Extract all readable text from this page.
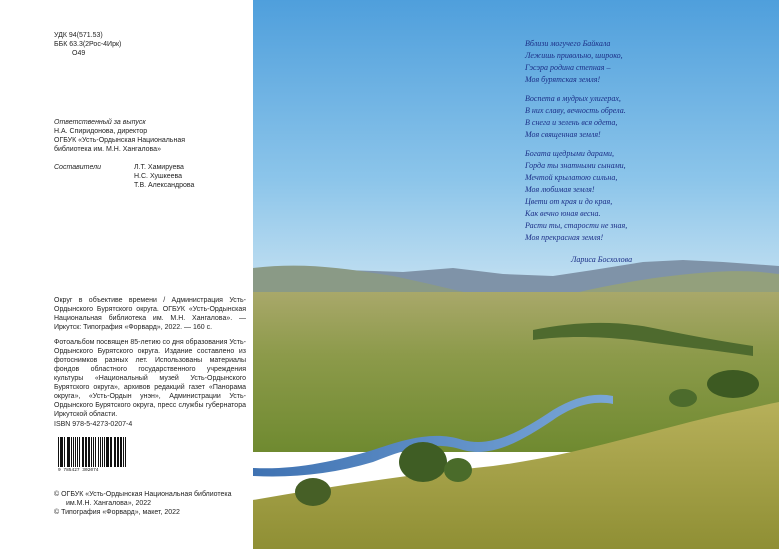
УДК 94(571.53)
ББК 63.3(2Рос-4Ирк)
О49
Ответственный за выпуск
Н.А. Спиридонова, директор
ОГБУК «Усть-Ордынская Национальная
библиотека им. М.Н. Хангалова»
Составители	Л.Т. Хамируева
Н.С. Хушкеева
Т.В. Александрова
Округ в объективе времени / Администрация Усть-Ордынского Бурятского округа. ОГБУК «Усть-Ордынская Национальная библиотека им. М.Н. Хангалова». — Иркутск: Типография «Форвард», 2022. — 160 с.
Фотоальбом посвящен 85-летию со дня образования Усть-Ордынского Бурятского округа. Издание составлено из фотоснимков разных лет. Использованы материалы фондов областного государственного учреждения культуры «Национальный музей Усть-Ордынского Бурятского округа», архивов редакций газет «Панорама округа», «Усть-Ордын унэн», Администрации Усть-Ордынского Бурятского округа, пресс службы губернатора Иркутской области.
ISBN 978-5-4273-0207-4
9 785427 302074
© ОГБУК «Усть-Ордынская Национальная библиотека
им.М.Н. Хангалова», 2022
© Типография «Форвард», макет, 2022
Вблизи могучего Байкала
Лежишь привольно, широко,
Гэсэра родина степная –
Моя бурятская земля!
Воспета в мудрых улигерах,
В них славу, вечность обрела.
В снега и зелень вся одета,
Моя священная земля!
Богата щедрыми дарами,
Горда ты знатными сынами,
Мечтой крылатою сильна,
Моя любимая земля!
Цвети от края и до края,
Как вечно юная весна.
Расти ты, старости не зная,
Моя прекрасная земля!
Лариса Босхолова
